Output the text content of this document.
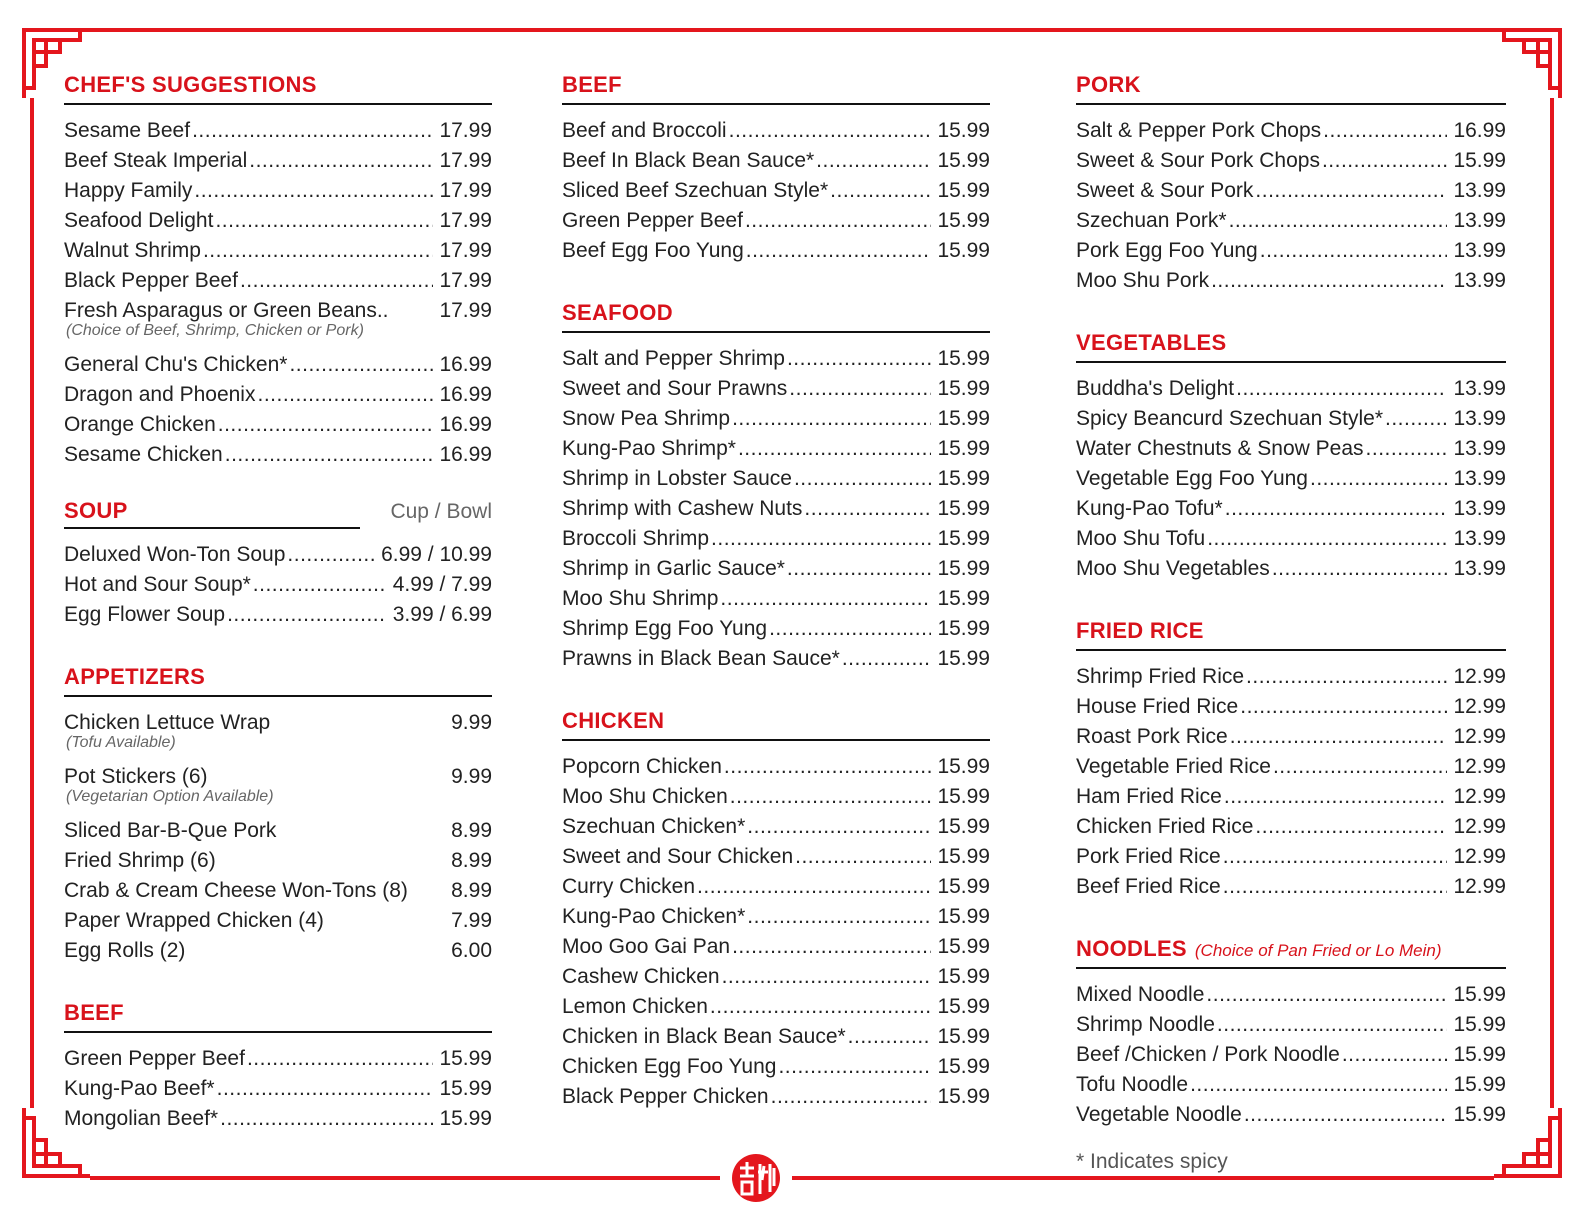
CHEF'S SUGGESTIONS
Sesame Beef .....	17.99
Beef Steak Imperial .....	17.99
Happy Family .....	17.99
Seafood Delight .....	17.99
Walnut Shrimp .....	17.99
Black Pepper Beef .....	17.99
Fresh Asparagus or Green Beans.. 17.99
(Choice of Beef, Shrimp, Chicken or Pork)
General Chu's Chicken* .....	16.99
Dragon and Phoenix .....	16.99
Orange Chicken .....	16.99
Sesame Chicken .....	16.99
SOUP	Cup / Bowl
Deluxed Won-Ton Soup .....	6.99 / 10.99
Hot and Sour Soup* .....	4.99 / 7.99
Egg Flower Soup .....	3.99 / 6.99
APPETIZERS
Chicken Lettuce Wrap	9.99
(Tofu Available)
Pot Stickers (6)	9.99
(Vegetarian Option Available)
Sliced Bar-B-Que Pork	8.99
Fried Shrimp (6)	8.99
Crab & Cream Cheese Won-Tons (8) 8.99
Paper Wrapped Chicken (4)	7.99
Egg Rolls (2)	6.00
BEEF
Green Pepper Beef .....	15.99
Kung-Pao Beef* .....	15.99
Mongolian Beef* .....	15.99
BEEF
Beef and Broccoli .....	15.99
Beef In Black Bean Sauce* .....	15.99
Sliced Beef Szechuan Style* .....	15.99
Green Pepper Beef .....	15.99
Beef Egg Foo Yung .....	15.99
SEAFOOD
Salt and Pepper Shrimp .....	15.99
Sweet and Sour Prawns .....	15.99
Snow Pea Shrimp .....	15.99
Kung-Pao Shrimp* .....	15.99
Shrimp in Lobster Sauce .....	15.99
Shrimp with Cashew Nuts .....	15.99
Broccoli Shrimp .....	15.99
Shrimp in Garlic Sauce* .....	15.99
Moo Shu Shrimp .....	15.99
Shrimp Egg Foo Yung .....	15.99
Prawns in Black Bean Sauce* .....	15.99
CHICKEN
Popcorn Chicken .....	15.99
Moo Shu Chicken .....	15.99
Szechuan Chicken* .....	15.99
Sweet and Sour Chicken .....	15.99
Curry Chicken .....	15.99
Kung-Pao Chicken* .....	15.99
Moo Goo Gai Pan .....	15.99
Cashew Chicken .....	15.99
Lemon Chicken .....	15.99
Chicken in Black Bean Sauce* .....	15.99
Chicken Egg Foo Yung .....	15.99
Black Pepper Chicken .....	15.99
PORK
Salt & Pepper Pork Chops .....	16.99
Sweet & Sour Pork Chops .....	15.99
Sweet & Sour Pork .....	13.99
Szechuan Pork* .....	13.99
Pork Egg Foo Yung .....	13.99
Moo Shu Pork .....	13.99
VEGETABLES
Buddha's Delight .....	13.99
Spicy Beancurd Szechuan Style* .....	13.99
Water Chestnuts & Snow Peas .....	13.99
Vegetable Egg Foo Yung .....	13.99
Kung-Pao Tofu* .....	13.99
Moo Shu Tofu .....	13.99
Moo Shu Vegetables .....	13.99
FRIED RICE
Shrimp Fried Rice .....	12.99
House Fried Rice .....	12.99
Roast Pork Rice .....	12.99
Vegetable Fried Rice .....	12.99
Ham Fried Rice .....	12.99
Chicken Fried Rice .....	12.99
Pork Fried Rice .....	12.99
Beef Fried Rice .....	12.99
NOODLES (Choice of Pan Fried or Lo Mein)
Mixed Noodle .....	15.99
Shrimp Noodle .....	15.99
Beef /Chicken / Pork Noodle .....	15.99
Tofu Noodle .....	15.99
Vegetable Noodle .....	15.99
* Indicates spicy
